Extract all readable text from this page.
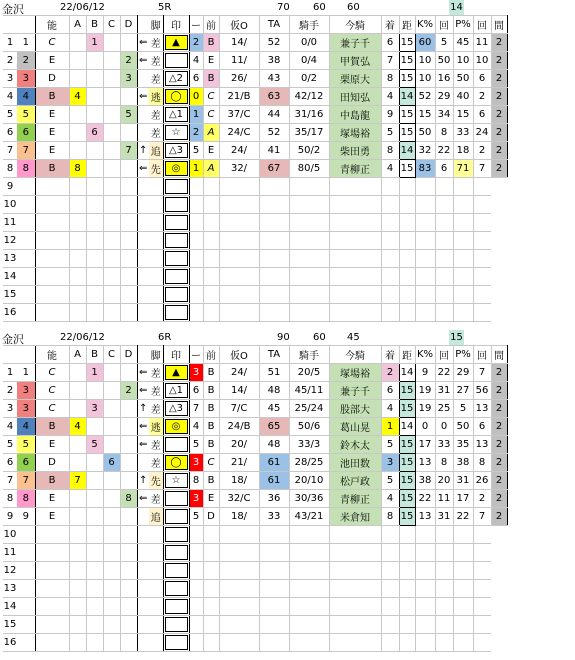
金沢	22/06/12	5R	70 60 60	14
		能	A	B	C	D		脚	印	ー	前	仮O	TA	騎手	今騎	着	距	K%	回	P%	回	間
1	1	C		1			⇐	差	▲	2	B	14/	52	0/0	兼子千	6	15	60	5	45	11	2
2	2	E				2	⇐	差		4	E	11/	38	0/4	甲賀弘	7	15	10	50	10	10	2
3	3	D				3		差	△2	6	B	26/	43	0/2	栗原大	8	15	10	16	50	6	2
4	4	B	4				⇐	逃	◯	0	C	21/B	63	42/12	田知弘	4	14	52	29	40	2	2
5	5	E				5		差	△1	1	C	37/C	44	31/16	中島龍	9	15	15	34	15	6	2
6	6	E		6				差	☆	2	A	24/C	52	35/17	塚場裕	5	15	50	8	33	24	2
7	7	E				7	↑	追	△3	5	E	24/	41	50/2	柴田勇	8	14	32	22	18	2	2
8	8	B	8				⇐	先	◎	1	A	32/	67	80/5	青柳正	4	15	83	6	71	7	2
9										

10										

11										

12										

13										

14										

15										

16										

金沢	22/06/12	6R	90 60 45	15
		能	A	B	C	D		脚	印	ー	前	仮O	TA	騎手	今騎	着	距	K%	回	P%	回	間
1	1	C		1			⇐	差	▲	3	B	24/	51	20/5	塚場裕	2	14	9	22	29	7	2
2	3	C				2	⇐	差	△1	6	B	14/	48	45/11	兼子千	6	15	19	31	27	56	2
3	3	C		3			↑	差	△3	7	B	7/C	45	25/24	股部大	4	15	19	25	5	13	2
4	4	B	4				⇐	逃	◎	4	B	24/B	65	50/6	葛山晃	1	14	0	0	50	6	2
5	5	E		5			⇐	差		5	B	20/	48	33/3	鈴木太	5	15	17	33	35	13	2
6	6	D			6			差	◯	3	C	21/	61	28/25	池田数	3	15	13	8	38	8	2
7	7	B	7				↑	先	☆	8	B	18/	61	20/10	松戸政	5	15	38	20	31	26	2
8	8	E				8	⇐	差		3	E	32/C	36	30/36	青柳正	4	15	22	11	17	2	2
9	9	E						追		5	D	18/	33	43/21	米倉知	8	15	13	31	22	7	2
10										

11										

12										

13										

14										

15										

16										
